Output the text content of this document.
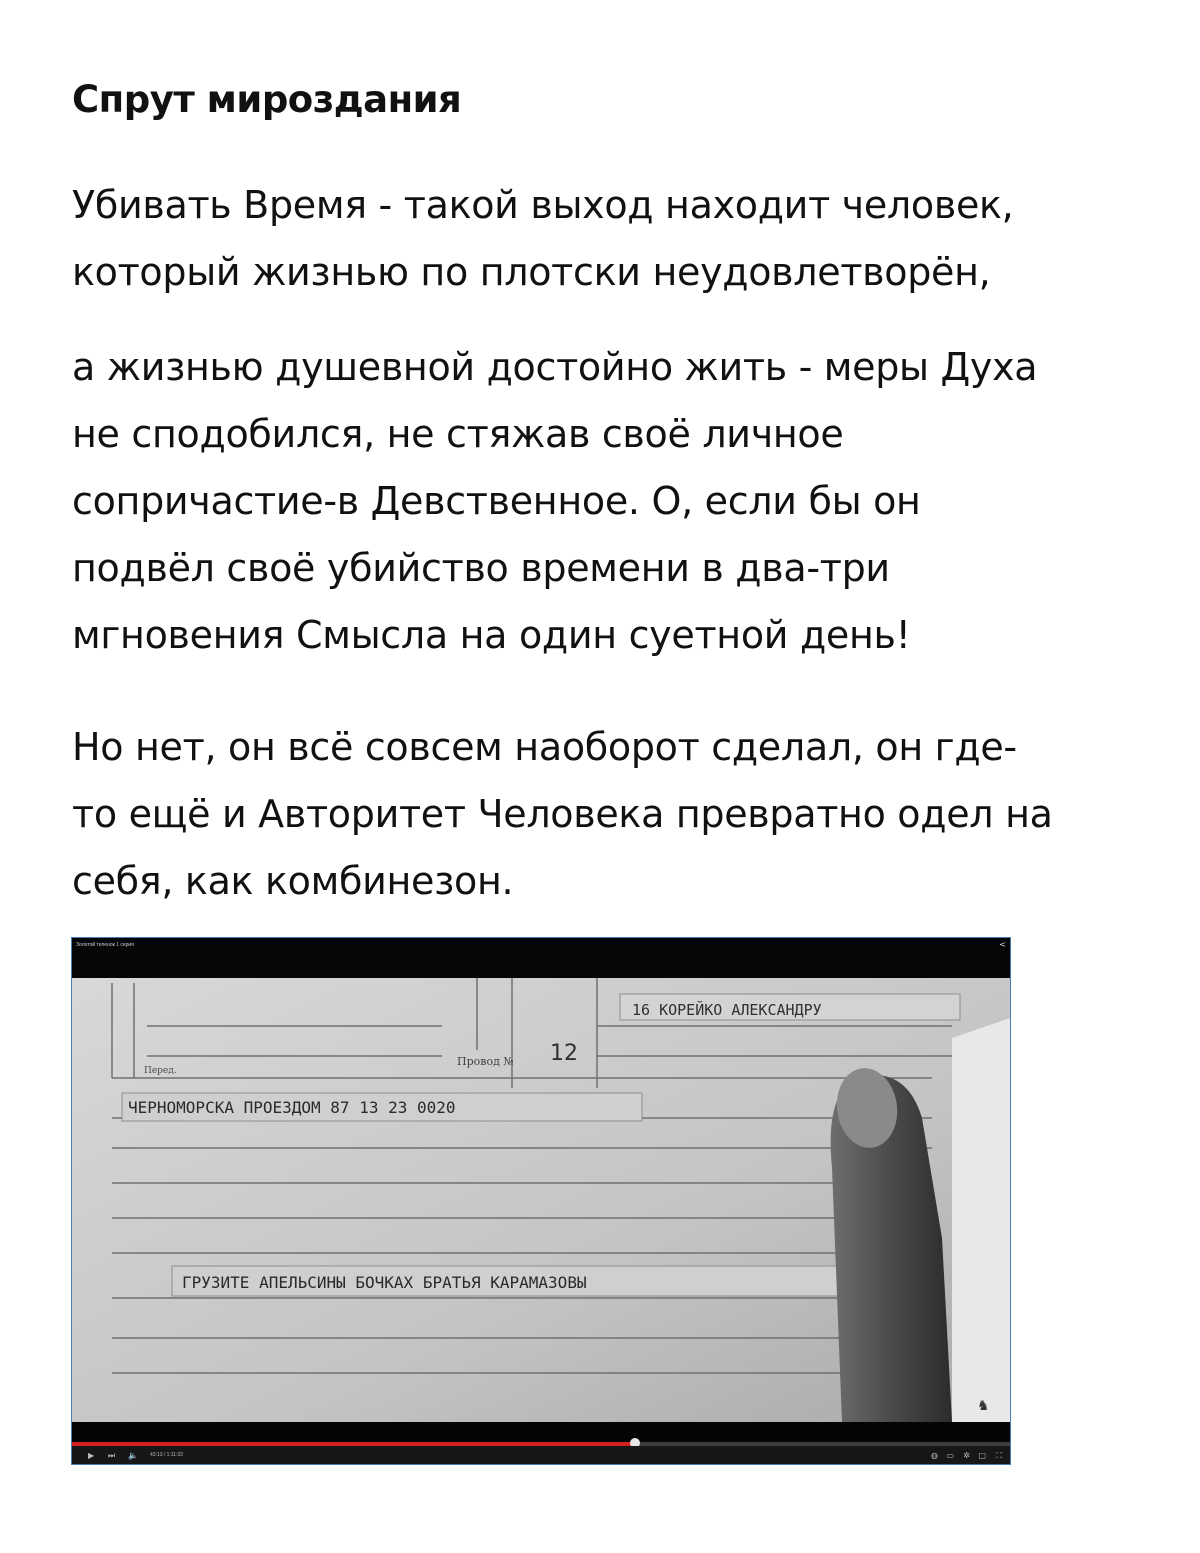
Спрут мироздания

Убивать Время - такой выход находит человек,
который жизнью по плотски неудовлетворён,

а жизнью душевной достойно жить - меры Духа
не сподобился, не стяжав своё личное
сопричастие-в Девственное. О, если бы он
подвёл своё убийство времени в два-три
мгновения Смысла на один суетной день!

Но нет, он всё совсем наоборот сделал, он где-
то ещё и Авторитет Человека превратно одел на
себя, как комбинезон.

Золотой теленок 1 серия	<
16 КОРЕЙКО АЛЕКСАНДРУ
Провод № 12
Перед.
ЧЕРНОМОРСКА ПРОЕЗДОМ 87 13 23 0020
ГРУЗИТЕ АПЕЛЬСИНЫ БОЧКАХ БРАТЬЯ КАРАМАЗОВЫ
♞
▶ ⏭ 🔈 43:13 / 1:11:32	◍ ▭ ✲ □ ⛶
